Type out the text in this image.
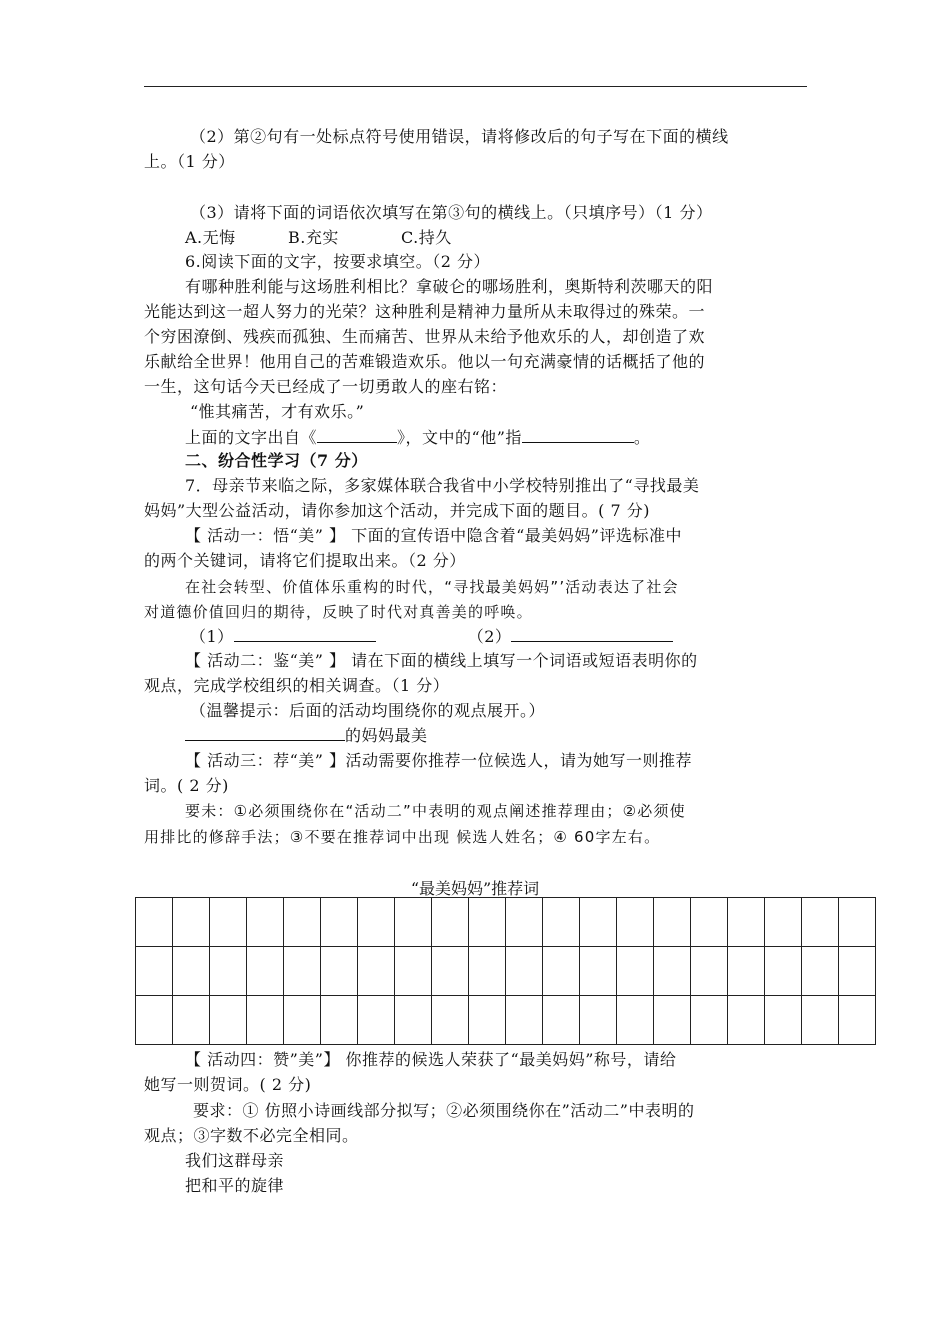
（2）第②句有一处标点符号使用错误，请将修改后的句子写在下面的横线
上。（1 分）
（3）请将下面的词语依次填写在第③句的横线上。（只填序号）（1 分）
A.无悔	B.充实	C.持久
6.阅读下面的文字，按要求填空。（2 分）
有哪种胜利能与这场胜利相比？拿破仑的哪场胜利，奥斯特利茨哪天的阳
光能达到这一超人努力的光荣？这种胜利是精神力量所从未取得过的殊荣。一
个穷困潦倒、残疾而孤独、生而痛苦、世界从未给予他欢乐的人，却创造了欢
乐献给全世界！他用自己的苦难锻造欢乐。他以一句充满豪情的话概括了他的
一生，这句话今天已经成了一切勇敢人的座右铭：
“惟其痛苦，才有欢乐。”
上面的文字出自《	》，文中的“他”指	。
二、纷合性学习（7 分）
7．母亲节来临之际，多家媒体联合我省中小学校特别推出了“寻找最美
妈妈”大型公益活动，请你参加这个活动，并完成下面的题目。( 7 分)
【 活动一：悟“美” 】 下面的宣传语中隐含着“最美妈妈”评选标准中
的两个关键词，请将它们提取出来。（2 分）
在社会转型、价值体乐重构的时代，“寻找最美妈妈”’活动表达了社会
对道德价值回归的期待，反映了时代对真善美的呼唤。
（1）	（2）
【 活动二：鉴“美” 】 请在下面的横线上填写一个词语或短语表明你的
观点，完成学校组织的相关调查。（1 分）
（温馨提示：后面的活动均围绕你的观点展开。）
的妈妈最美
【 活动三：荐“美” 】活动需要你推荐一位候选人，请为她写一则推荐
词。( 2 分)
要未：①必须围绕你在“活动二”中表明的观点阐述推荐理由；②必须使
用排比的修辞手法；③不要在推荐词中出现 候选人姓名；④ 60字左右。
“最美妈妈”推荐词

【 活动四：赞”美”】 你推荐的候选人荣获了“最美妈妈”称号，请给
她写一则贺词。( 2 分)
要求：① 仿照小诗画线部分拟写；②必须围绕你在”活动二”中表明的
观点；③字数不必完全相同。
我们这群母亲
把和平的旋律
